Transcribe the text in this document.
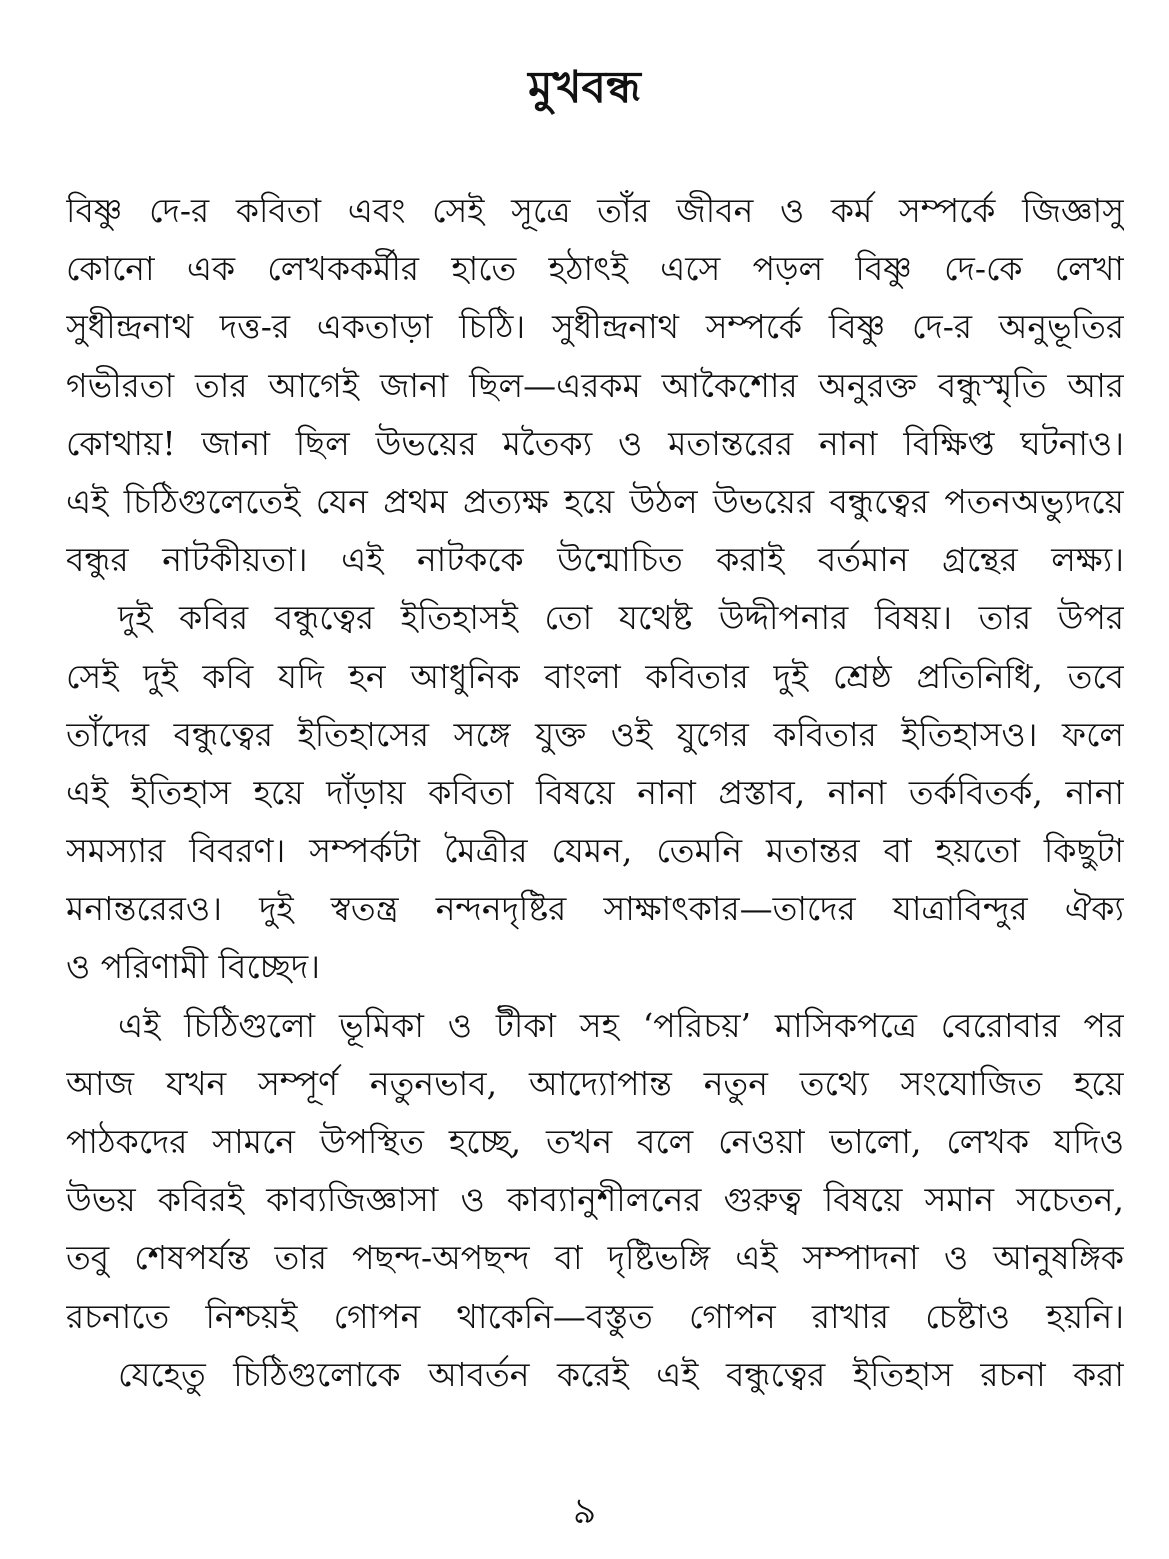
মুখবন্ধ
বিষ্ণু দে-র কবিতা এবং সেই সূত্রে তাঁর জীবন ও কর্ম সম্পর্কে জিজ্ঞাসু
কোনো এক লেখককর্মীর হাতে হঠাৎই এসে পড়ল বিষ্ণু দে-কে লেখা
সুধীন্দ্রনাথ দত্ত-র একতাড়া চিঠি। সুধীন্দ্রনাথ সম্পর্কে বিষ্ণু দে-র অনুভূতির
গভীরতা তার আগেই জানা ছিল—এরকম আকৈশোর অনুরক্ত বন্ধুস্মৃতি আর
কোথায়! জানা ছিল উভয়ের মতৈক্য ও মতান্তরের নানা বিক্ষিপ্ত ঘটনাও।
এই চিঠিগুলেতেই যেন প্রথম প্রত্যক্ষ হয়ে উঠল উভয়ের বন্ধুত্বের পতনঅভ্যুদয়ে
বন্ধুর নাটকীয়তা। এই নাটককে উন্মোচিত করাই বর্তমান গ্রন্থের লক্ষ্য।
দুই কবির বন্ধুত্বের ইতিহাসই তো যথেষ্ট উদ্দীপনার বিষয়। তার উপর
সেই দুই কবি যদি হন আধুনিক বাংলা কবিতার দুই শ্রেষ্ঠ প্রতিনিধি, তবে
তাঁদের বন্ধুত্বের ইতিহাসের সঙ্গে যুক্ত ওই যুগের কবিতার ইতিহাসও। ফলে
এই ইতিহাস হয়ে দাঁড়ায় কবিতা বিষয়ে নানা প্রস্তাব, নানা তর্কবিতর্ক, নানা
সমস্যার বিবরণ। সম্পর্কটা মৈত্রীর যেমন, তেমনি মতান্তর বা হয়তো কিছুটা
মনান্তরেরও। দুই স্বতন্ত্র নন্দনদৃষ্টির সাক্ষাৎকার—তাদের যাত্রাবিন্দুর ঐক্য
ও পরিণামী বিচ্ছেদ।
এই চিঠিগুলো ভূমিকা ও টীকা সহ ‘পরিচয়’ মাসিকপত্রে বেরোবার পর
আজ যখন সম্পূর্ণ নতুনভাব, আদ্যোপান্ত নতুন তথ্যে সংযোজিত হয়ে
পাঠকদের সামনে উপস্থিত হচ্ছে, তখন বলে নেওয়া ভালো, লেখক যদিও
উভয় কবিরই কাব্যজিজ্ঞাসা ও কাব্যানুশীলনের গুরুত্ব বিষয়ে সমান সচেতন,
তবু শেষপর্যন্ত তার পছন্দ-অপছন্দ বা দৃষ্টিভঙ্গি এই সম্পাদনা ও আনুষঙ্গিক
রচনাতে নিশ্চয়ই গোপন থাকেনি—বস্তুত গোপন রাখার চেষ্টাও হয়নি।
যেহেতু চিঠিগুলোকে আবর্তন করেই এই বন্ধুত্বের ইতিহাস রচনা করা
৯
